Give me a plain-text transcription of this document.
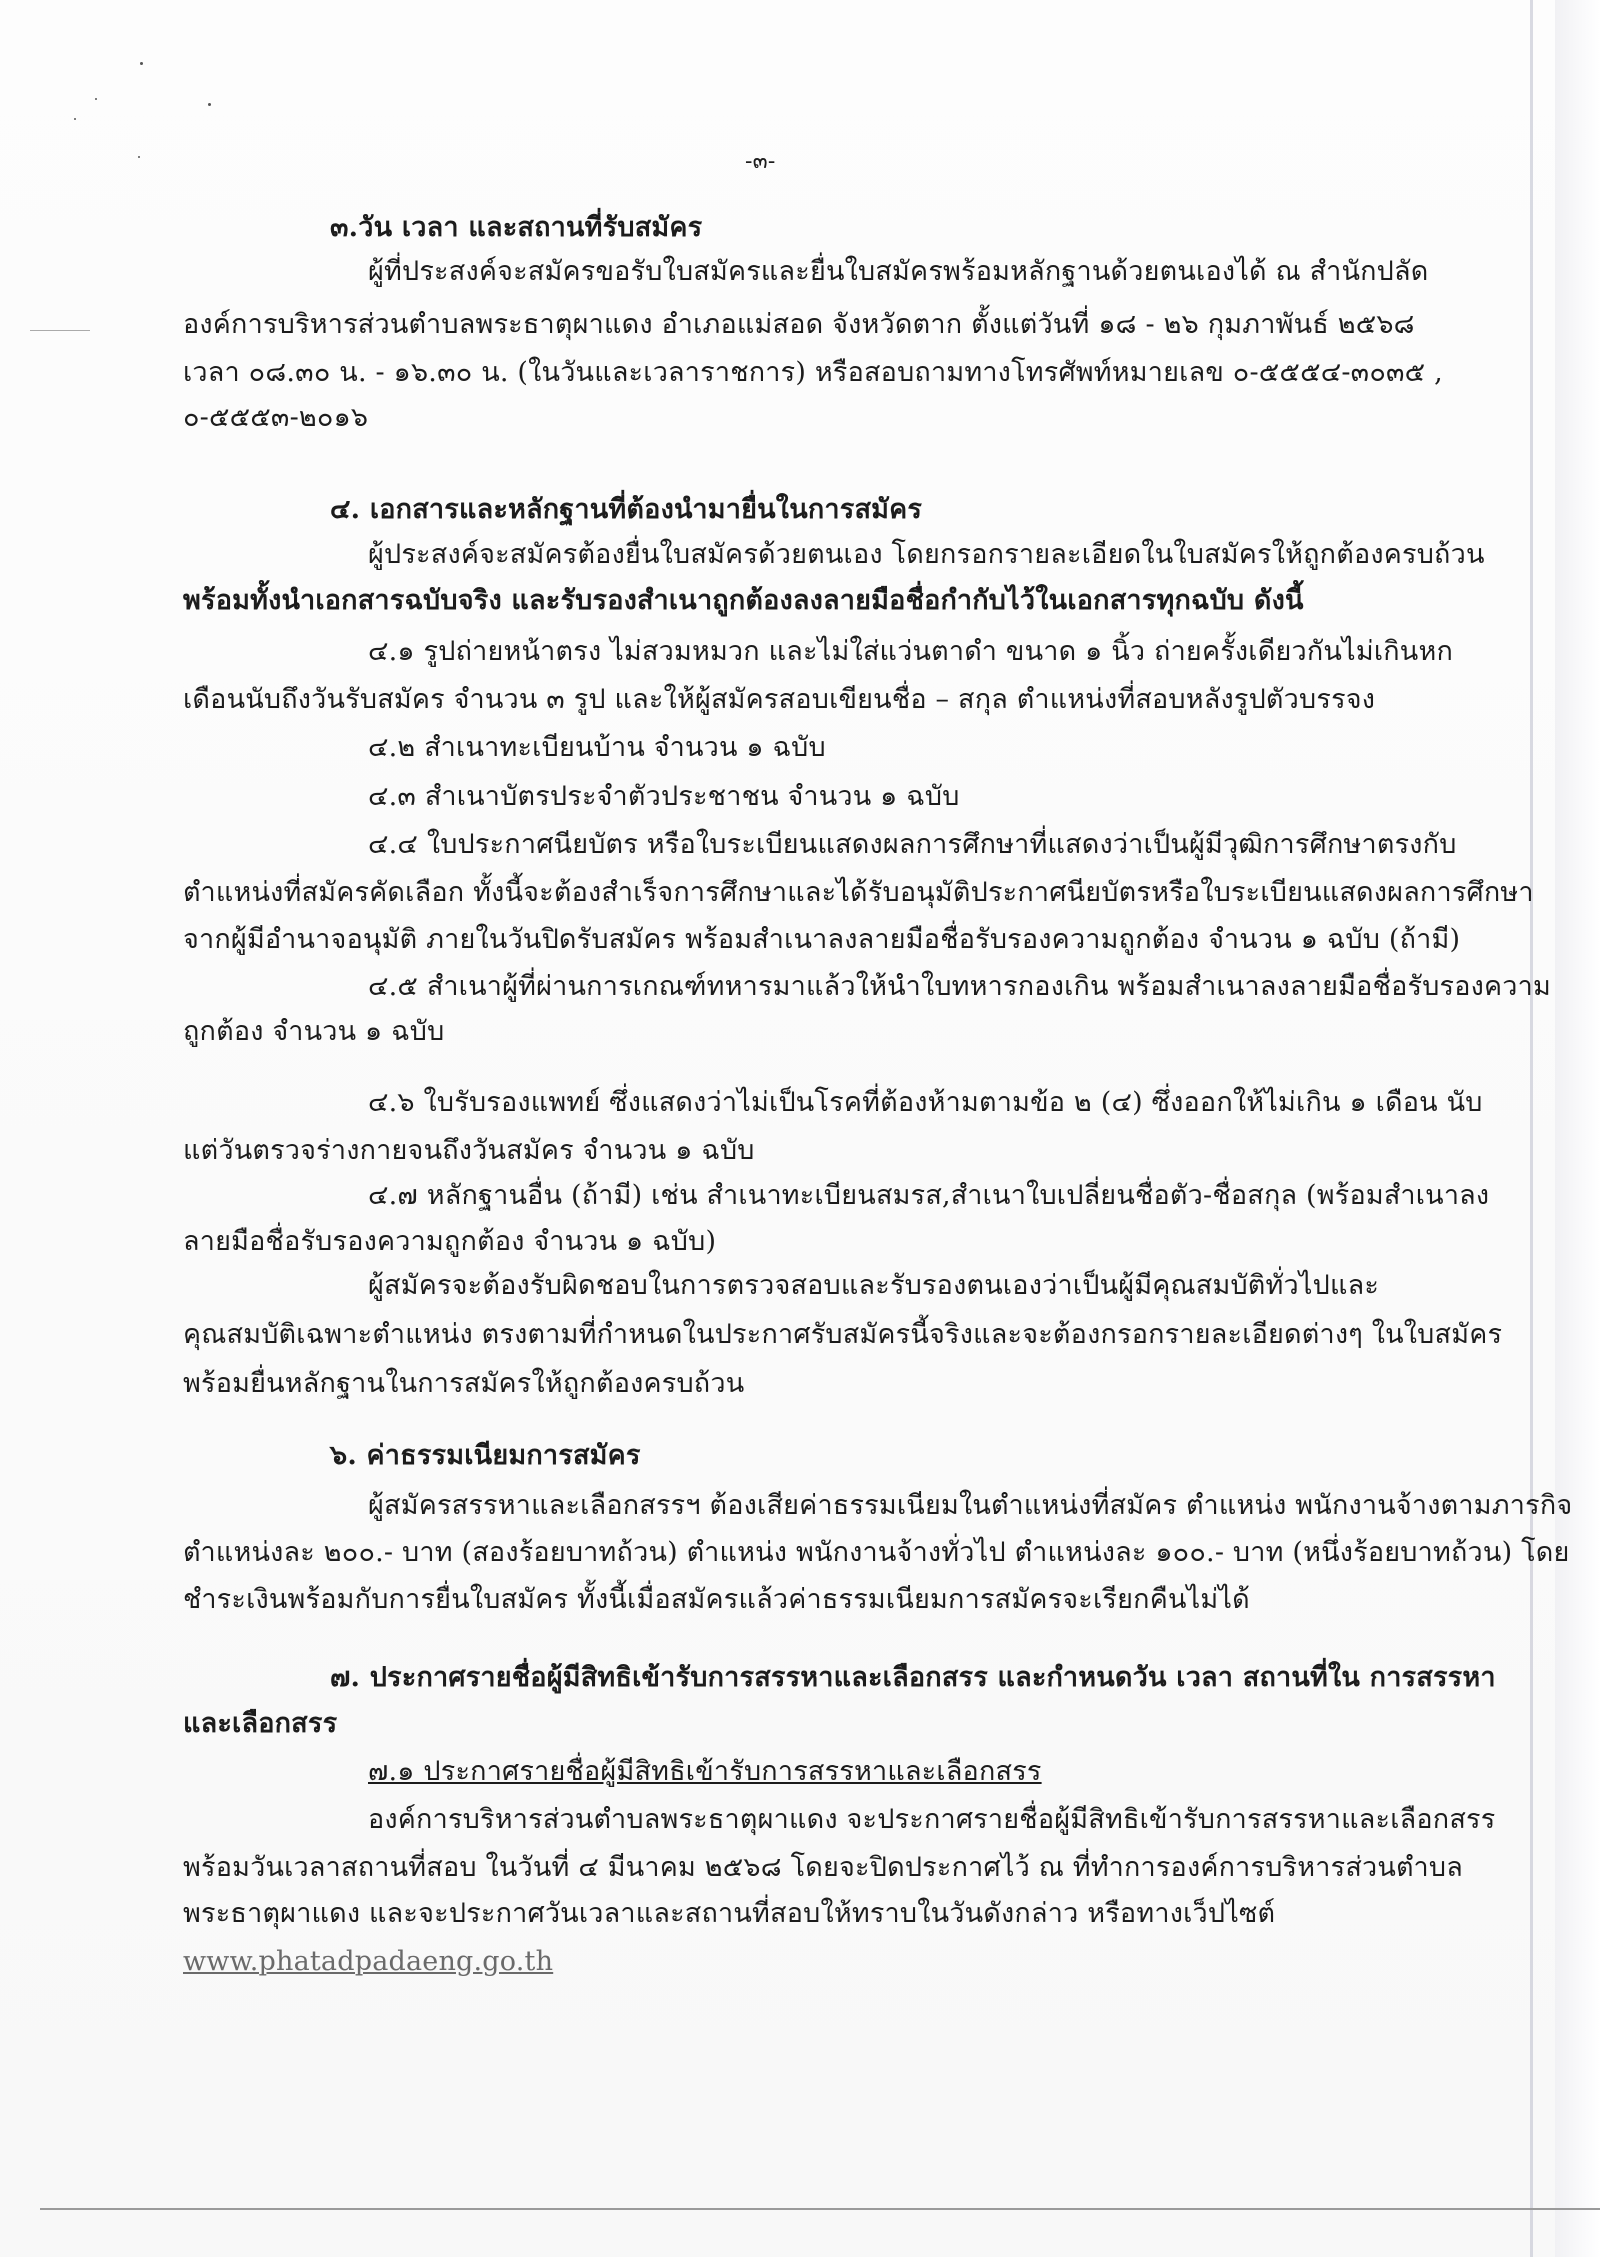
-๓-
๓.วัน เวลา และสถานที่รับสมัคร
ผู้ที่ประสงค์จะสมัครขอรับใบสมัครและยื่นใบสมัครพร้อมหลักฐานด้วยตนเองได้ ณ สำนักปลัด
องค์การบริหารส่วนตำบลพระธาตุผาแดง อำเภอแม่สอด จังหวัดตาก ตั้งแต่วันที่ ๑๘ - ๒๖ กุมภาพันธ์ ๒๕๖๘
เวลา ๐๘.๓๐ น. - ๑๖.๓๐ น. (ในวันและเวลาราชการ) หรือสอบถามทางโทรศัพท์หมายเลข ๐-๕๕๕๔-๓๐๓๕ ,
๐-๕๕๕๓-๒๐๑๖
๔. เอกสารและหลักฐานที่ต้องนำมายื่นในการสมัคร
ผู้ประสงค์จะสมัครต้องยื่นใบสมัครด้วยตนเอง โดยกรอกรายละเอียดในใบสมัครให้ถูกต้องครบถ้วน
พร้อมทั้งนำเอกสารฉบับจริง และรับรองสำเนาถูกต้องลงลายมือชื่อกำกับไว้ในเอกสารทุกฉบับ ดังนี้
๔.๑ รูปถ่ายหน้าตรง ไม่สวมหมวก และไม่ใส่แว่นตาดำ ขนาด ๑ นิ้ว ถ่ายครั้งเดียวกันไม่เกินหก
เดือนนับถึงวันรับสมัคร จำนวน ๓ รูป และให้ผู้สมัครสอบเขียนชื่อ – สกุล ตำแหน่งที่สอบหลังรูปตัวบรรจง
๔.๒ สำเนาทะเบียนบ้าน จำนวน ๑ ฉบับ
๔.๓ สำเนาบัตรประจำตัวประชาชน จำนวน ๑ ฉบับ
๔.๔ ใบประกาศนียบัตร หรือใบระเบียนแสดงผลการศึกษาที่แสดงว่าเป็นผู้มีวุฒิการศึกษาตรงกับ
ตำแหน่งที่สมัครคัดเลือก ทั้งนี้จะต้องสำเร็จการศึกษาและได้รับอนุมัติประกาศนียบัตรหรือใบระเบียนแสดงผลการศึกษา
จากผู้มีอำนาจอนุมัติ ภายในวันปิดรับสมัคร พร้อมสำเนาลงลายมือชื่อรับรองความถูกต้อง จำนวน ๑ ฉบับ (ถ้ามี)
๔.๕ สำเนาผู้ที่ผ่านการเกณฑ์ทหารมาแล้วให้นำใบทหารกองเกิน พร้อมสำเนาลงลายมือชื่อรับรองความ
ถูกต้อง จำนวน ๑ ฉบับ
๔.๖ ใบรับรองแพทย์ ซึ่งแสดงว่าไม่เป็นโรคที่ต้องห้ามตามข้อ ๒ (๔) ซึ่งออกให้ไม่เกิน ๑ เดือน นับ
แต่วันตรวจร่างกายจนถึงวันสมัคร จำนวน ๑ ฉบับ
๔.๗ หลักฐานอื่น (ถ้ามี) เช่น สำเนาทะเบียนสมรส,สำเนาใบเปลี่ยนชื่อตัว-ชื่อสกุล (พร้อมสำเนาลง
ลายมือชื่อรับรองความถูกต้อง จำนวน ๑ ฉบับ)
ผู้สมัครจะต้องรับผิดชอบในการตรวจสอบและรับรองตนเองว่าเป็นผู้มีคุณสมบัติทั่วไปและ
คุณสมบัติเฉพาะตำแหน่ง ตรงตามที่กำหนดในประกาศรับสมัครนี้จริงและจะต้องกรอกรายละเอียดต่างๆ ในใบสมัคร
พร้อมยื่นหลักฐานในการสมัครให้ถูกต้องครบถ้วน
๖. ค่าธรรมเนียมการสมัคร
ผู้สมัครสรรหาและเลือกสรรฯ ต้องเสียค่าธรรมเนียมในตำแหน่งที่สมัคร ตำแหน่ง พนักงานจ้างตามภารกิจ
ตำแหน่งละ ๒๐๐.- บาท (สองร้อยบาทถ้วน) ตำแหน่ง พนักงานจ้างทั่วไป ตำแหน่งละ ๑๐๐.- บาท (หนึ่งร้อยบาทถ้วน) โดย
ชำระเงินพร้อมกับการยื่นใบสมัคร ทั้งนี้เมื่อสมัครแล้วค่าธรรมเนียมการสมัครจะเรียกคืนไม่ได้
๗. ประกาศรายชื่อผู้มีสิทธิเข้ารับการสรรหาและเลือกสรร และกำหนดวัน เวลา สถานที่ใน การสรรหา
และเลือกสรร
๗.๑ ประกาศรายชื่อผู้มีสิทธิเข้ารับการสรรหาและเลือกสรร
องค์การบริหารส่วนตำบลพระธาตุผาแดง จะประกาศรายชื่อผู้มีสิทธิเข้ารับการสรรหาและเลือกสรร
พร้อมวันเวลาสถานที่สอบ ในวันที่ ๔ มีนาคม ๒๕๖๘ โดยจะปิดประกาศไว้ ณ ที่ทำการองค์การบริหารส่วนตำบล
พระธาตุผาแดง และจะประกาศวันเวลาและสถานที่สอบให้ทราบในวันดังกล่าว หรือทางเว็ปไซต์
www.phatadpadaeng.go.th
